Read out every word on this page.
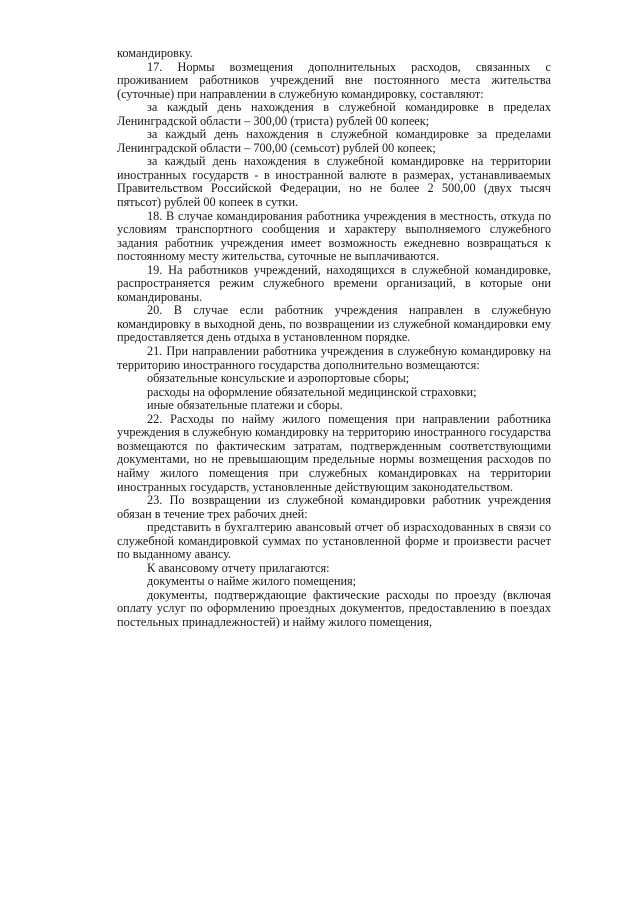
командировку.

17. Нормы возмещения дополнительных расходов, связанных с проживанием работников учреждений вне постоянного места жительства (суточные) при направлении в служебную командировку, составляют:

за каждый день нахождения в служебной командировке в пределах Ленинградской области – 300,00 (триста) рублей 00 копеек;

за каждый день нахождения в служебной командировке за пределами Ленинградской области – 700,00 (семьсот) рублей 00 копеек;

за каждый день нахождения в служебной командировке на территории иностранных государств - в иностранной валюте в размерах, устанавливаемых Правительством Российской Федерации, но не более 2 500,00 (двух тысяч пятьсот) рублей 00 копеек в сутки.

18. В случае командирования работника учреждения в местность, откуда по условиям транспортного сообщения и характеру выполняемого служебного задания работник учреждения имеет возможность ежедневно возвращаться к постоянному месту жительства, суточные не выплачиваются.

19. На работников учреждений, находящихся в служебной командировке, распространяется режим служебного времени организаций, в которые они командированы.

20. В случае если работник учреждения направлен в служебную командировку в выходной день, по возвращении из служебной командировки ему предоставляется день отдыха в установленном порядке.

21. При направлении работника учреждения в служебную командировку на территорию иностранного государства дополнительно возмещаются:

обязательные консульские и аэропортовые сборы;

расходы на оформление обязательной медицинской страховки;

иные обязательные платежи и сборы.

22. Расходы по найму жилого помещения при направлении работника учреждения в служебную командировку на территорию иностранного государства возмещаются по фактическим затратам, подтвержденным соответствующими документами, но не превышающим предельные нормы возмещения расходов по найму жилого помещения при служебных командировках на территории иностранных государств, установленные действующим законодательством.

23. По возвращении из служебной командировки работник учреждения обязан в течение трех рабочих дней:

представить в бухгалтерию авансовый отчет об израсходованных в связи со служебной командировкой суммах по установленной форме и произвести расчет по выданному авансу.

К авансовому отчету прилагаются:

документы о найме жилого помещения;

документы, подтверждающие фактические расходы по проезду (включая оплату услуг по оформлению проездных документов, предоставлению в поездах постельных принадлежностей) и найму жилого помещения,
